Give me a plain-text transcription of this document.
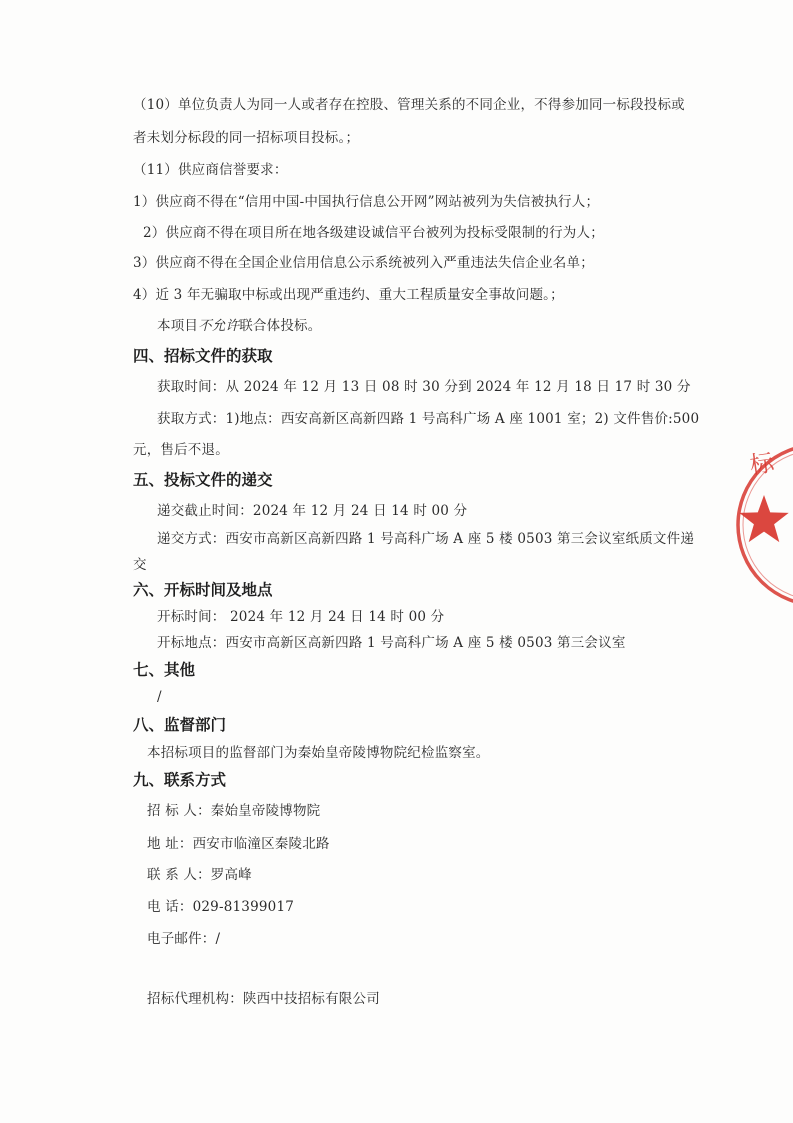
（10）单位负责人为同一人或者存在控股、管理关系的不同企业，不得参加同一标段投标或
者未划分标段的同一招标项目投标。；
（11）供应商信誉要求：
1）供应商不得在“信用中国-中国执行信息公开网”网站被列为失信被执行人；
2）供应商不得在项目所在地各级建设诚信平台被列为投标受限制的行为人；
3）供应商不得在全国企业信用信息公示系统被列入严重违法失信企业名单；
4）近 3 年无骗取中标或出现严重违约、重大工程质量安全事故问题。；
本项目不允许联合体投标。
四、招标文件的获取
获取时间：从 2024 年 12 月 13 日 08 时 30 分到 2024 年 12 月 18 日 17 时 30 分
获取方式：1)地点：西安高新区高新四路 1 号高科广场 A 座 1001 室；2) 文件售价:500
元，售后不退。
五、投标文件的递交
递交截止时间：2024 年 12 月 24 日 14 时 00 分
递交方式：西安市高新区高新四路 1 号高科广场 A 座 5 楼 0503 第三会议室纸质文件递
交
六、开标时间及地点
开标时间： 2024 年 12 月 24 日 14 时 00 分
开标地点：西安市高新区高新四路 1 号高科广场 A 座 5 楼 0503 第三会议室
七、其他
/
八、监督部门
本招标项目的监督部门为秦始皇帝陵博物院纪检监察室。
九、联系方式
招 标 人：秦始皇帝陵博物院
地 址：西安市临潼区秦陵北路
联 系 人：罗高峰
电 话：029-81399017
电子邮件：/
招标代理机构：陕西中技招标有限公司
标
